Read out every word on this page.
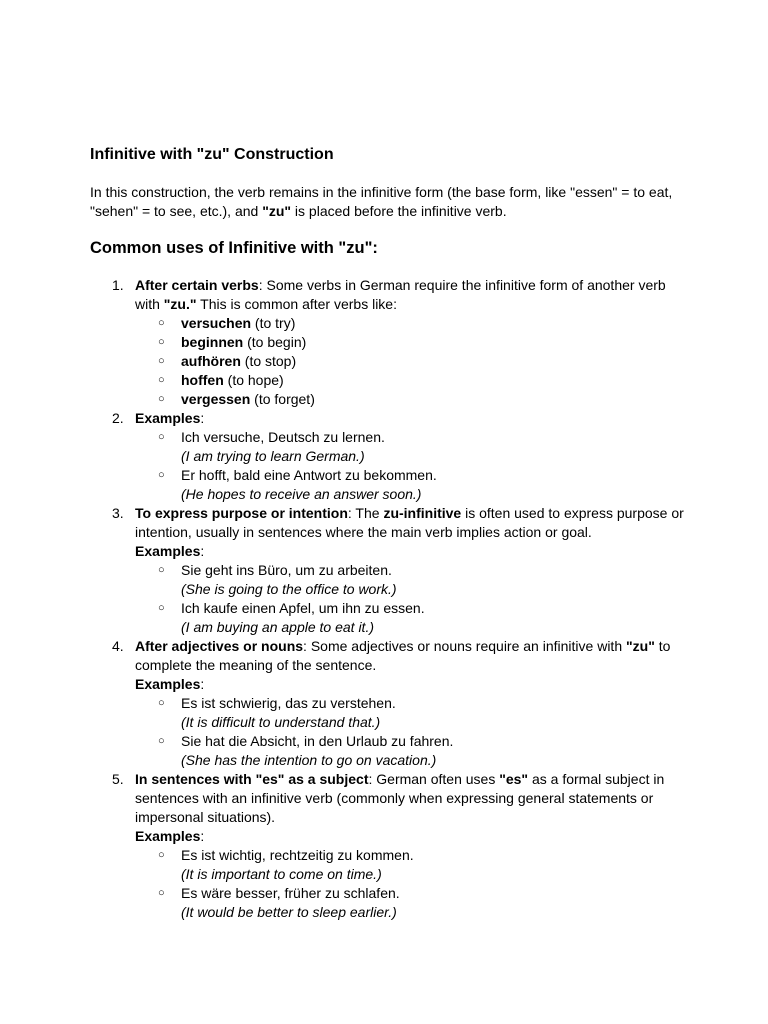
Infinitive with "zu" Construction

In this construction, the verb remains in the infinitive form (the base form, like "essen" = to eat,
"sehen" = to see, etc.), and "zu" is placed before the infinitive verb.

Common uses of Infinitive with "zu":
1. After certain verbs: Some verbs in German require the infinitive form of another verb
with "zu." This is common after verbs like:
○ versuchen (to try)
○ beginnen (to begin)
○ aufhören (to stop)
○ hoffen (to hope)
○ vergessen (to forget)
2. Examples:
○ Ich versuche, Deutsch zu lernen.
(I am trying to learn German.)
○ Er hofft, bald eine Antwort zu bekommen.
(He hopes to receive an answer soon.)
3. To express purpose or intention: The zu-infinitive is often used to express purpose or
intention, usually in sentences where the main verb implies action or goal.
Examples:
○ Sie geht ins Büro, um zu arbeiten.
(She is going to the office to work.)
○ Ich kaufe einen Apfel, um ihn zu essen.
(I am buying an apple to eat it.)
4. After adjectives or nouns: Some adjectives or nouns require an infinitive with "zu" to
complete the meaning of the sentence.
Examples:
○ Es ist schwierig, das zu verstehen.
(It is difficult to understand that.)
○ Sie hat die Absicht, in den Urlaub zu fahren.
(She has the intention to go on vacation.)
5. In sentences with "es" as a subject: German often uses "es" as a formal subject in
sentences with an infinitive verb (commonly when expressing general statements or
impersonal situations).
Examples:
○ Es ist wichtig, rechtzeitig zu kommen.
(It is important to come on time.)
○ Es wäre besser, früher zu schlafen.
(It would be better to sleep earlier.)
